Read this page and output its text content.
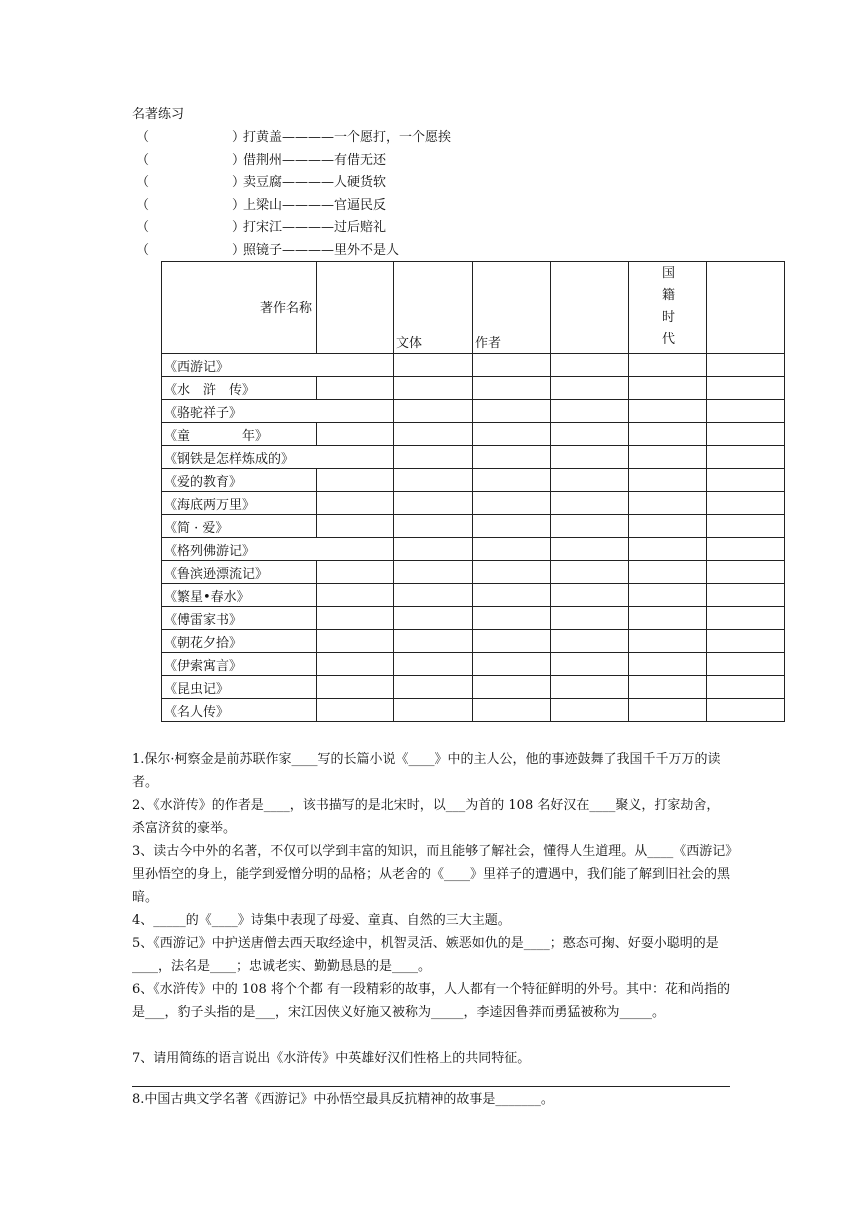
名著练习
（	）
打黄盖————一个愿打，一个愿挨
（	）
借荆州————有借无还
（	）
卖豆腐————人硬货软
（	）
上梁山————官逼民反
（	）
打宋江————过后赔礼
（	）
照镜子————里外不是人
著作名称		文体	作者		国籍时代	
《西游记》						
《水　浒　传》						
《骆驼祥子》						
《童　　　　年》						
《钢铁是怎样炼成的》						
《爱的教育》						
《海底两万里》						
《简 · 爱》						
《格列佛游记》						
《鲁滨逊漂流记》						
《繁星•春水》						
《傅雷家书》						
《朝花夕拾》						
《伊索寓言》						
《昆虫记》						
《名人传》						
1.保尔·柯察金是前苏联作家____写的长篇小说《____》中的主人公，他的事迹鼓舞了我国千千万万的读者。
2、《水浒传》的作者是____，该书描写的是北宋时，以___为首的 108 名好汉在____聚义，打家劫舍，杀富济贫的豪举。
3、读古今中外的名著，不仅可以学到丰富的知识，而且能够了解社会，懂得人生道理。从____《西游记》里孙悟空的身上，能学到爱憎分明的品格；从老舍的《____》里祥子的遭遇中，我们能了解到旧社会的黑暗。
4、_____的《____》诗集中表现了母爱、童真、自然的三大主题。
5、《西游记》中护送唐僧去西天取经途中，机智灵活、嫉恶如仇的是____；憨态可掬、好耍小聪明的是____，法名是____；忠诚老实、勤勤恳恳的是____。
6、《水浒传》中的 108 将个个都 有一段精彩的故事，人人都有一个特征鲜明的外号。其中：花和尚指的是___，豹子头指的是___，宋江因侠义好施又被称为_____，李逵因鲁莽而勇猛被称为_____。
7、请用简练的语言说出《水浒传》中英雄好汉们性格上的共同特征。
8.中国古典文学名著《西游记》中孙悟空最具反抗精神的故事是_______。
